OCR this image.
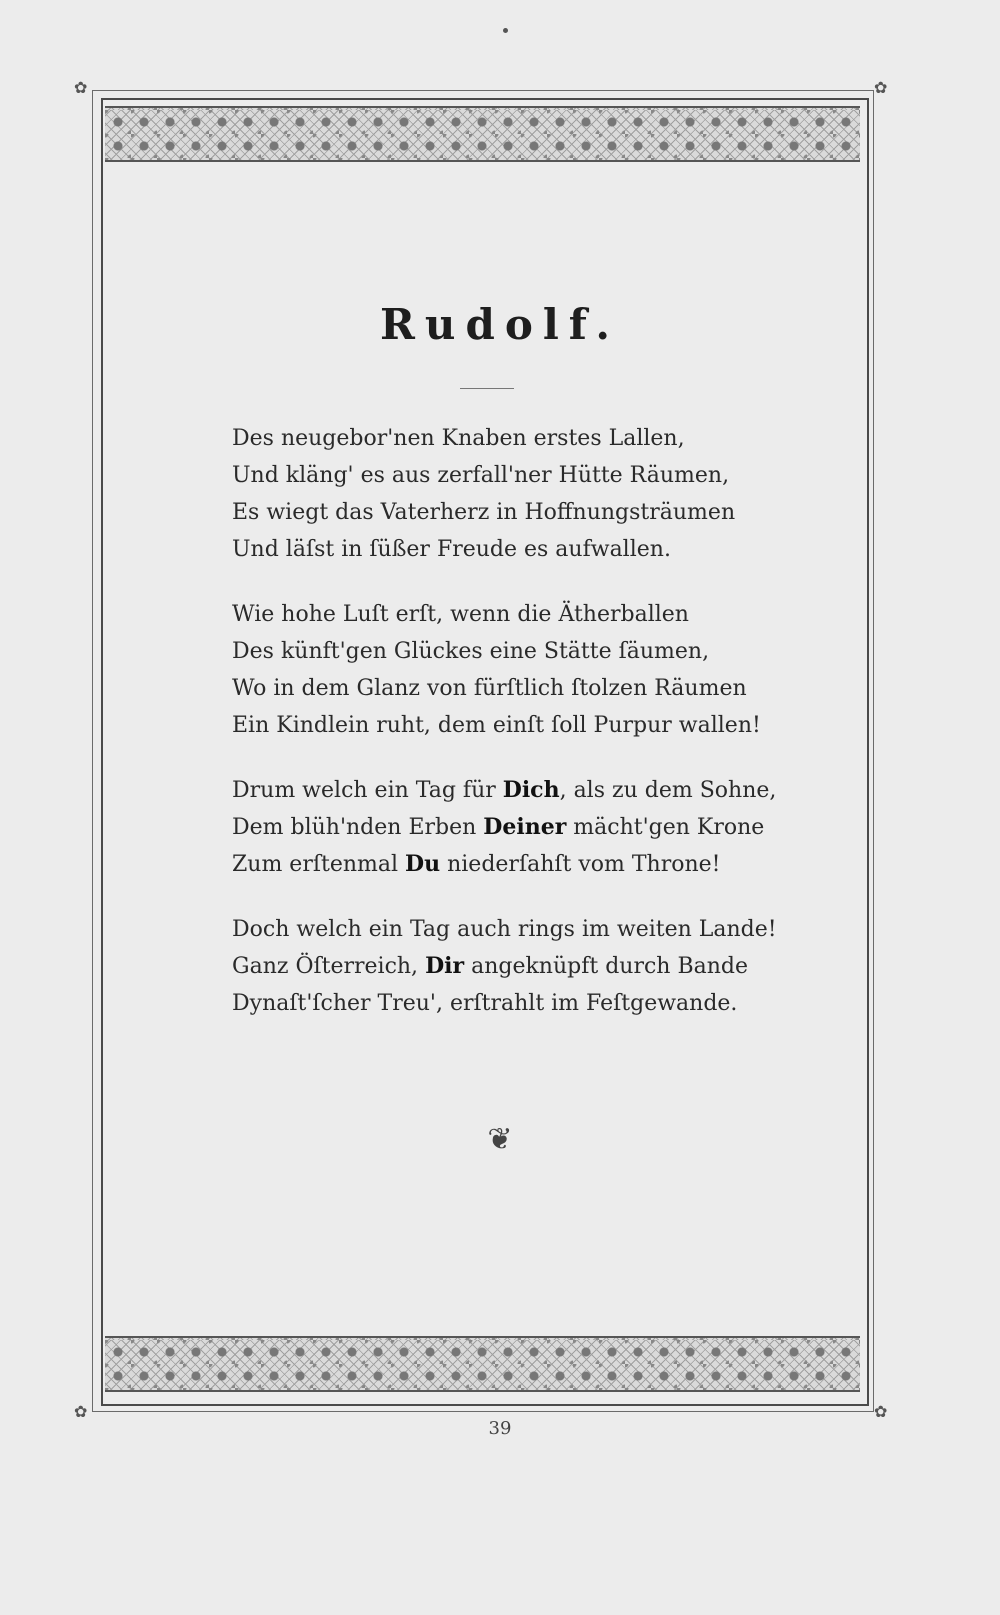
✿	✿
✿	✿
Rudolf.
Des neugebor'nen Knaben erstes Lallen,
Und kläng' es aus zerfall'ner Hütte Räumen,
Es wiegt das Vaterherz in Hoffnungsträumen
Und läſst in ſüßer Freude es aufwallen.
Wie hohe Luſt erſt, wenn die Ätherballen
Des künft'gen Glückes eine Stätte ſäumen,
Wo in dem Glanz von fürſtlich ſtolzen Räumen
Ein Kindlein ruht, dem einſt ſoll Purpur wallen!
Drum welch ein Tag für Dich, als zu dem Sohne,
Dem blüh'nden Erben Deiner mächt'gen Krone
Zum erſtenmal Du niederſahſt vom Throne!
Doch welch ein Tag auch rings im weiten Lande!
Ganz Öſterreich, Dir angeknüpft durch Bande
Dynaſt'ſcher Treu', erſtrahlt im Feſtgewande.
❦
39
